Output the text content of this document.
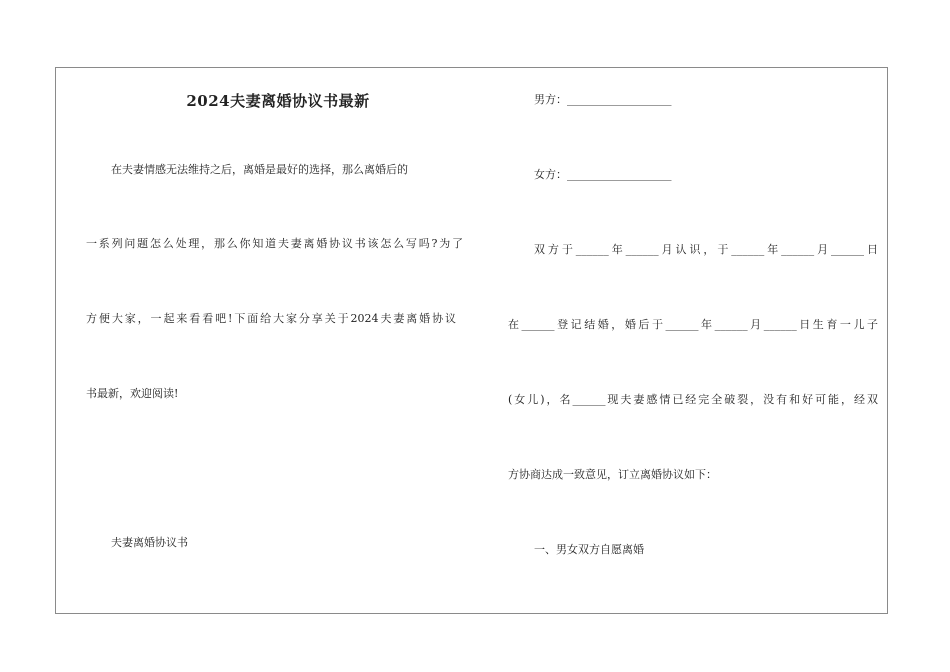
2024夫妻离婚协议书最新
在夫妻情感无法维持之后，离婚是最好的选择，那么离婚后的
一系列问题怎么处理，那么你知道夫妻离婚协议书该怎么写吗?为了
方便大家，一起来看看吧!下面给大家分享关于2024夫妻离婚协议
书最新，欢迎阅读!
夫妻离婚协议书
男方：___________________
女方：___________________
双方于______年______月认识，于______年______月______日
在______登记结婚，婚后于______年______月______日生育一儿子
(女儿)，名______现夫妻感情已经完全破裂，没有和好可能，经双
方协商达成一致意见，订立离婚协议如下：
一、男女双方自愿离婚
